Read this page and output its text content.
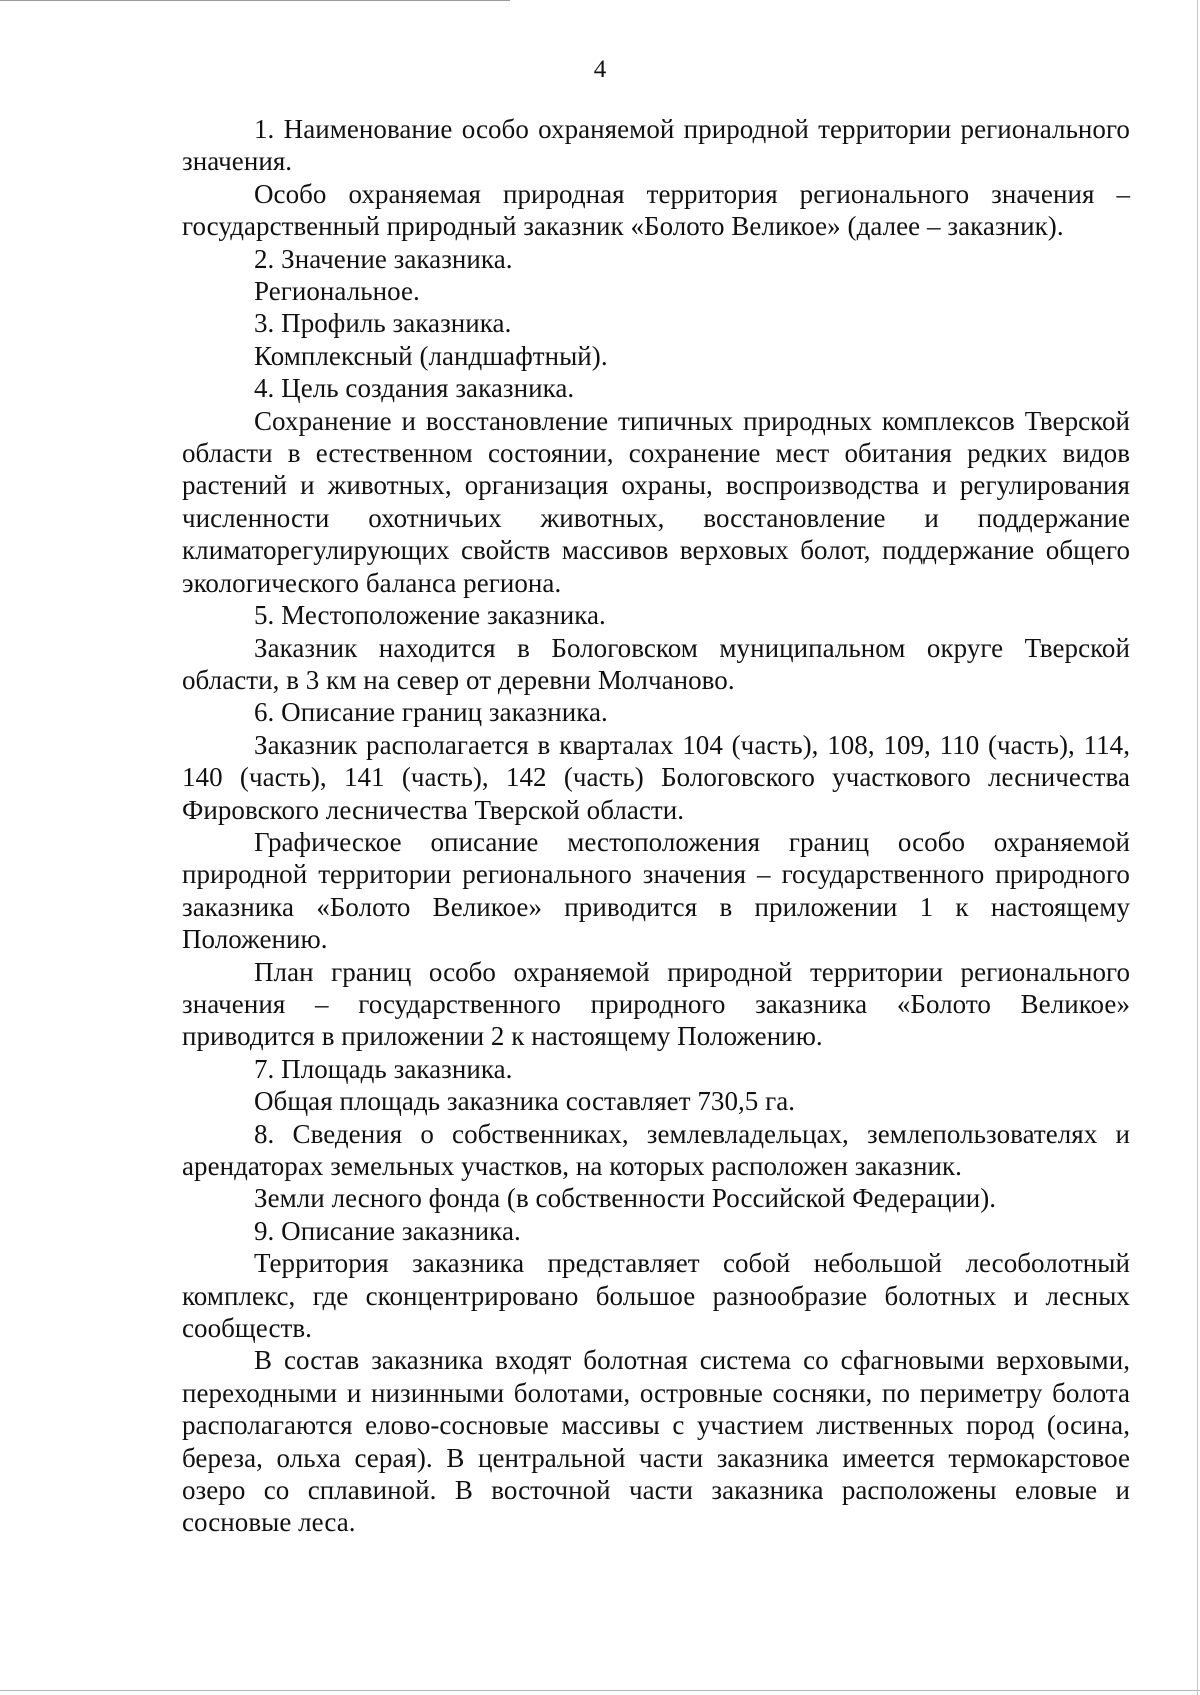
4

1. Наименование особо охраняемой природной территории регионального значения.

Особо охраняемая природная территория регионального значения – государственный природный заказник «Болото Великое» (далее – заказник).

2. Значение заказника.

Региональное.

3. Профиль заказника.

Комплексный (ландшафтный).

4. Цель создания заказника.

Сохранение и восстановление типичных природных комплексов Тверской области в естественном состоянии, сохранение мест обитания редких видов растений и животных, организация охраны, воспроизводства и регулирования численности охотничьих животных, восстановление и поддержание климаторегулирующих свойств массивов верховых болот, поддержание общего экологического баланса региона.

5. Местоположение заказника.

Заказник находится в Бологовском муниципальном округе Тверской области, в 3 км на север от деревни Молчаново.

6. Описание границ заказника.

Заказник располагается в кварталах 104 (часть), 108, 109, 110 (часть), 114, 140 (часть), 141 (часть), 142 (часть) Бологовского участкового лесничества Фировского лесничества Тверской области.

Графическое описание местоположения границ особо охраняемой природной территории регионального значения – государственного природного заказника «Болото Великое» приводится в приложении 1 к настоящему Положению.

План границ особо охраняемой природной территории регионального значения – государственного природного заказника «Болото Великое» приводится в приложении 2 к настоящему Положению.

7. Площадь заказника.

Общая площадь заказника составляет 730,5 га.

8. Сведения о собственниках, землевладельцах, землепользователях и арендаторах земельных участков, на которых расположен заказник.

Земли лесного фонда (в собственности Российской Федерации).

9. Описание заказника.

Территория заказника представляет собой небольшой лесоболотный комплекс, где сконцентрировано большое разнообразие болотных и лесных сообществ.

В состав заказника входят болотная система со сфагновыми верховыми, переходными и низинными болотами, островные сосняки, по периметру болота располагаются елово-сосновые массивы с участием лиственных пород (осина, береза, ольха серая). В центральной части заказника имеется термокарстовое озеро со сплавиной. В восточной части заказника расположены еловые и сосновые леса.
